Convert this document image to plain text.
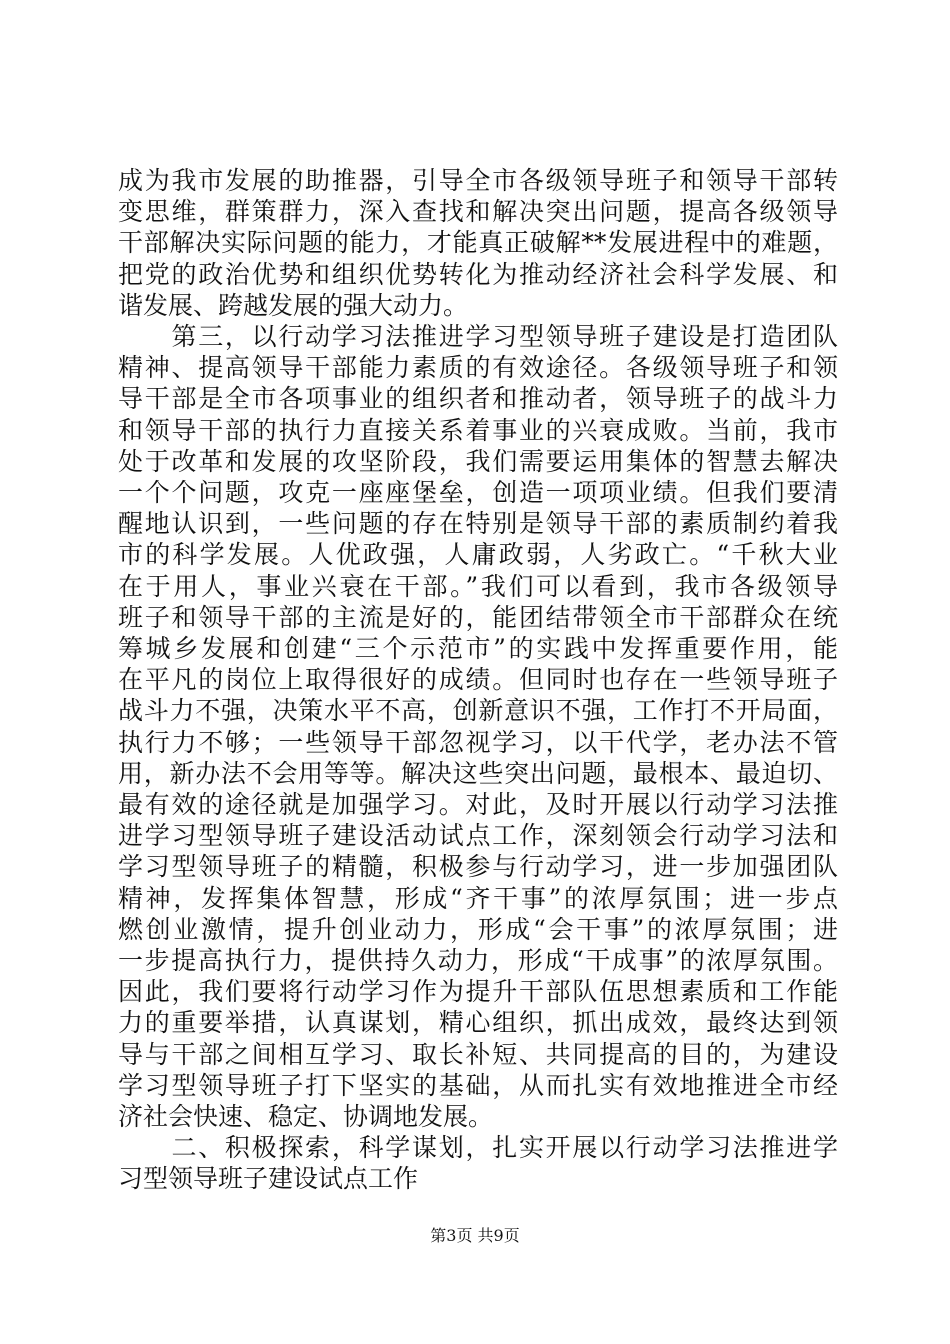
成为我市发展的助推器，引导全市各级领导班子和领导干部转
变思维，群策群力，深入查找和解决突出问题，提高各级领导
干部解决实际问题的能力，才能真正破解**发展进程中的难题，
把党的政治优势和组织优势转化为推动经济社会科学发展、和
谐发展、跨越发展的强大动力。
　　第三，以行动学习法推进学习型领导班子建设是打造团队
精神、提高领导干部能力素质的有效途径。各级领导班子和领
导干部是全市各项事业的组织者和推动者，领导班子的战斗力
和领导干部的执行力直接关系着事业的兴衰成败。当前，我市
处于改革和发展的攻坚阶段，我们需要运用集体的智慧去解决
一个个问题，攻克一座座堡垒，创造一项项业绩。但我们要清
醒地认识到，一些问题的存在特别是领导干部的素质制约着我
市的科学发展。人优政强，人庸政弱，人劣政亡。“千秋大业
在于用人，事业兴衰在干部。”我们可以看到，我市各级领导
班子和领导干部的主流是好的，能团结带领全市干部群众在统
筹城乡发展和创建“三个示范市”的实践中发挥重要作用，能
在平凡的岗位上取得很好的成绩。但同时也存在一些领导班子
战斗力不强，决策水平不高，创新意识不强，工作打不开局面，
执行力不够；一些领导干部忽视学习，以干代学，老办法不管
用，新办法不会用等等。解决这些突出问题，最根本、最迫切、
最有效的途径就是加强学习。对此，及时开展以行动学习法推
进学习型领导班子建设活动试点工作，深刻领会行动学习法和
学习型领导班子的精髓，积极参与行动学习，进一步加强团队
精神，发挥集体智慧，形成“齐干事”的浓厚氛围；进一步点
燃创业激情，提升创业动力，形成“会干事”的浓厚氛围；进
一步提高执行力，提供持久动力，形成“干成事”的浓厚氛围。
因此，我们要将行动学习作为提升干部队伍思想素质和工作能
力的重要举措，认真谋划，精心组织，抓出成效，最终达到领
导与干部之间相互学习、取长补短、共同提高的目的，为建设
学习型领导班子打下坚实的基础，从而扎实有效地推进全市经
济社会快速、稳定、协调地发展。
　　二、积极探索，科学谋划，扎实开展以行动学习法推进学
习型领导班子建设试点工作
第3页 共9页
